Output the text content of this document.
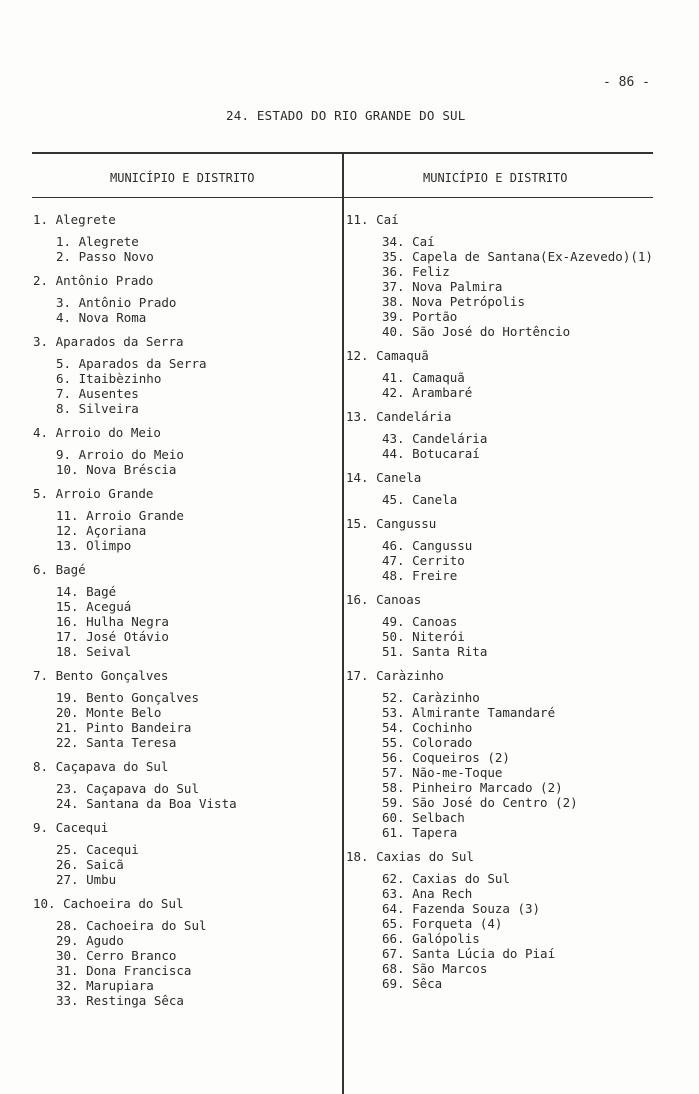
- 86 -
24. ESTADO DO RIO GRANDE DO SUL
MUNICÍPIO E DISTRITO	MUNICÍPIO E DISTRITO
1. Alegrete
1. Alegrete
2. Passo Novo
2. Antônio Prado
3. Antônio Prado
4. Nova Roma
3. Aparados da Serra
5. Aparados da Serra
6. Itaibèzinho
7. Ausentes
8. Silveira
4. Arroio do Meio
9. Arroio do Meio
10. Nova Bréscia
5. Arroio Grande
11. Arroio Grande
12. Açoriana
13. Olimpo
6. Bagé
14. Bagé
15. Aceguá
16. Hulha Negra
17. José Otávio
18. Seival
7. Bento Gonçalves
19. Bento Gonçalves
20. Monte Belo
21. Pinto Bandeira
22. Santa Teresa
8. Caçapava do Sul
23. Caçapava do Sul
24. Santana da Boa Vista
9. Cacequi
25. Cacequi
26. Saicã
27. Umbu
10. Cachoeira do Sul
28. Cachoeira do Sul
29. Agudo
30. Cerro Branco
31. Dona Francisca
32. Marupiara
33. Restinga Sêca
11. Caí
34. Caí
35. Capela de Santana(Ex-Azevedo)(1)
36. Feliz
37. Nova Palmira
38. Nova Petrópolis
39. Portão
40. São José do Hortêncio
12. Camaquã
41. Camaquã
42. Arambaré
13. Candelária
43. Candelária
44. Botucaraí
14. Canela
45. Canela
15. Cangussu
46. Cangussu
47. Cerrito
48. Freire
16. Canoas
49. Canoas
50. Niterói
51. Santa Rita
17. Caràzinho
52. Caràzinho
53. Almirante Tamandaré
54. Cochinho
55. Colorado
56. Coqueiros (2)
57. Não-me-Toque
58. Pinheiro Marcado (2)
59. São José do Centro (2)
60. Selbach
61. Tapera
18. Caxias do Sul
62. Caxias do Sul
63. Ana Rech
64. Fazenda Souza (3)
65. Forqueta (4)
66. Galópolis
67. Santa Lúcia do Piaí
68. São Marcos
69. Sêca
